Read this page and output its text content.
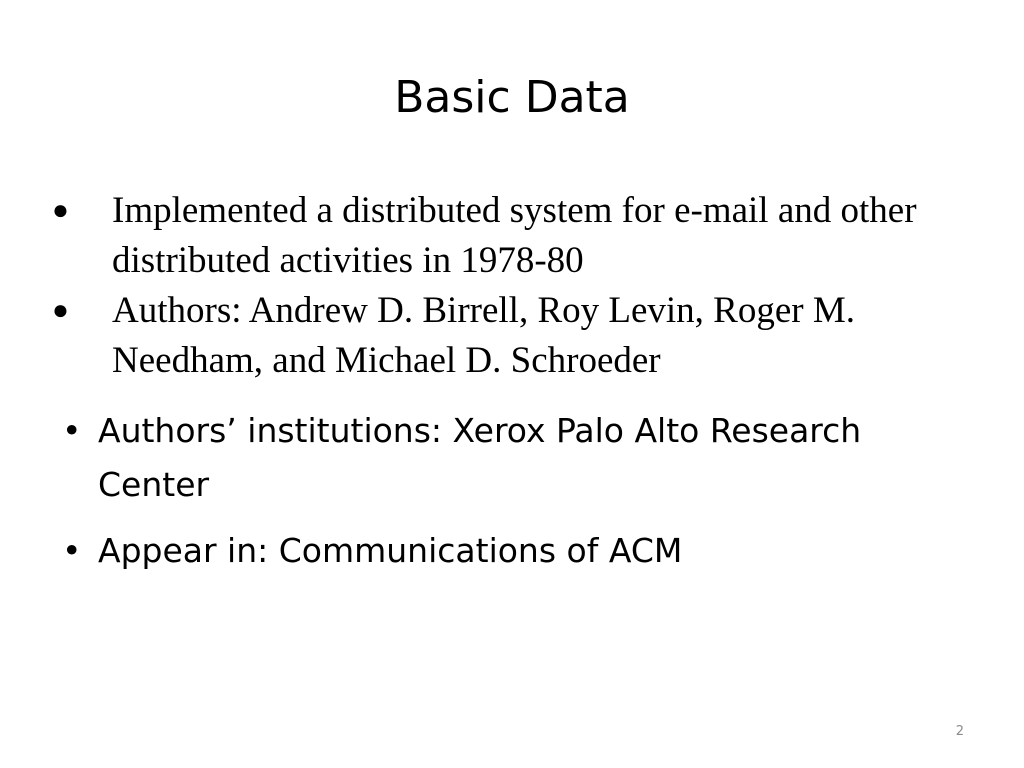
Basic Data
● Implemented a distributed system for e-mail and other distributed activities in 1978-80
● Authors: Andrew D. Birrell, Roy Levin, Roger M. Needham, and Michael D. Schroeder
• Authors’ institutions: Xerox Palo Alto Research Center
• Appear in: Communications of ACM
2
